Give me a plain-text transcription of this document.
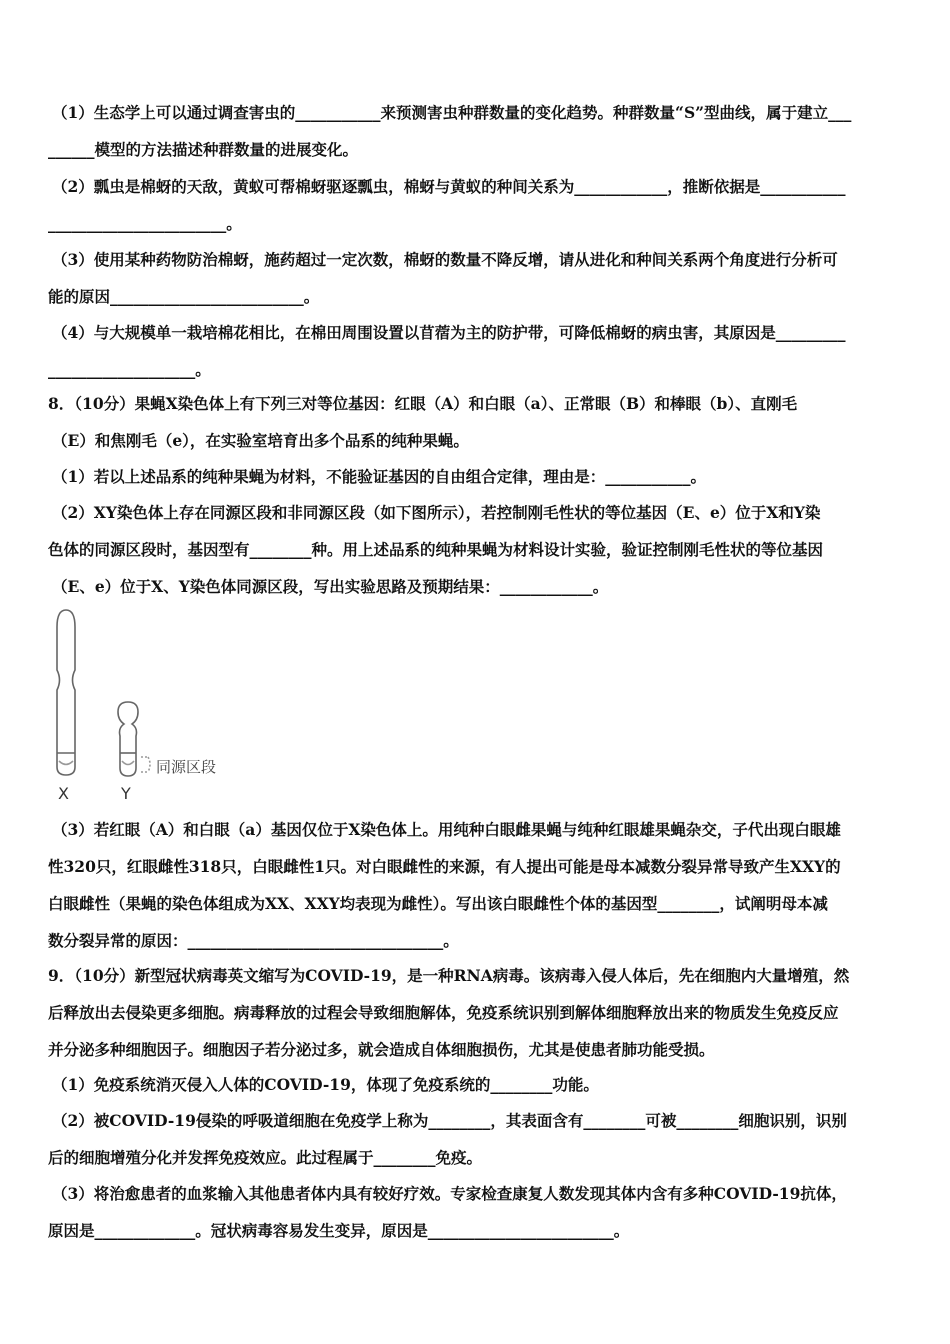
（1）生态学上可以通过调查害虫的___________来预测害虫种群数量的变化趋势。种群数量“S”型曲线，属于建立___
______模型的方法描述种群数量的进展变化。
（2）瓢虫是棉蚜的天敌，黄蚁可帮棉蚜驱逐瓢虫，棉蚜与黄蚁的种间关系为____________，推断依据是___________
_______________________。
（3）使用某种药物防治棉蚜，施药超过一定次数，棉蚜的数量不降反增，请从进化和种间关系两个角度进行分析可
能的原因_________________________。
（4）与大规模单一栽培棉花相比，在棉田周围设置以苜蓿为主的防护带，可降低棉蚜的病虫害，其原因是_________
___________________。
8．（10分）果蝇X染色体上有下列三对等位基因：红眼（A）和白眼（a）、正常眼（B）和棒眼（b）、直刚毛
（E）和焦刚毛（e），在实验室培育出多个品系的纯种果蝇。
（1）若以上述品系的纯种果蝇为材料，不能验证基因的自由组合定律，理由是：___________。
（2）XY染色体上存在同源区段和非同源区段（如下图所示），若控制刚毛性状的等位基因（E、e）位于X和Y染
色体的同源区段时，基因型有________种。用上述品系的纯种果蝇为材料设计实验，验证控制刚毛性状的等位基因
（E、e）位于X、Y染色体同源区段，写出实验思路及预期结果：____________。
同源区段
X	Y
（3）若红眼（A）和白眼（a）基因仅位于X染色体上。用纯种白眼雌果蝇与纯种红眼雄果蝇杂交，子代出现白眼雄
性320只，红眼雌性318只，白眼雌性1只。对白眼雌性的来源，有人提出可能是母本减数分裂异常导致产生XXY的
白眼雌性（果蝇的染色体组成为XX、XXY均表现为雌性）。写出该白眼雌性个体的基因型________，试阐明母本减
数分裂异常的原因：_________________________________。
9．（10分）新型冠状病毒英文缩写为COVID-19，是一种RNA病毒。该病毒入侵人体后，先在细胞内大量增殖，然
后释放出去侵染更多细胞。病毒释放的过程会导致细胞解体，免疫系统识别到解体细胞释放出来的物质发生免疫反应
并分泌多种细胞因子。细胞因子若分泌过多，就会造成自体细胞损伤，尤其是使患者肺功能受损。
（1）免疫系统消灭侵入人体的COVID-19，体现了免疫系统的________功能。
（2）被COVID-19侵染的呼吸道细胞在免疫学上称为________，其表面含有________可被________细胞识别，识别
后的细胞增殖分化并发挥免疫效应。此过程属于________免疫。
（3）将治愈患者的血浆输入其他患者体内具有较好疗效。专家检查康复人数发现其体内含有多种COVID-19抗体，
原因是_____________。冠状病毒容易发生变异，原因是________________________。
